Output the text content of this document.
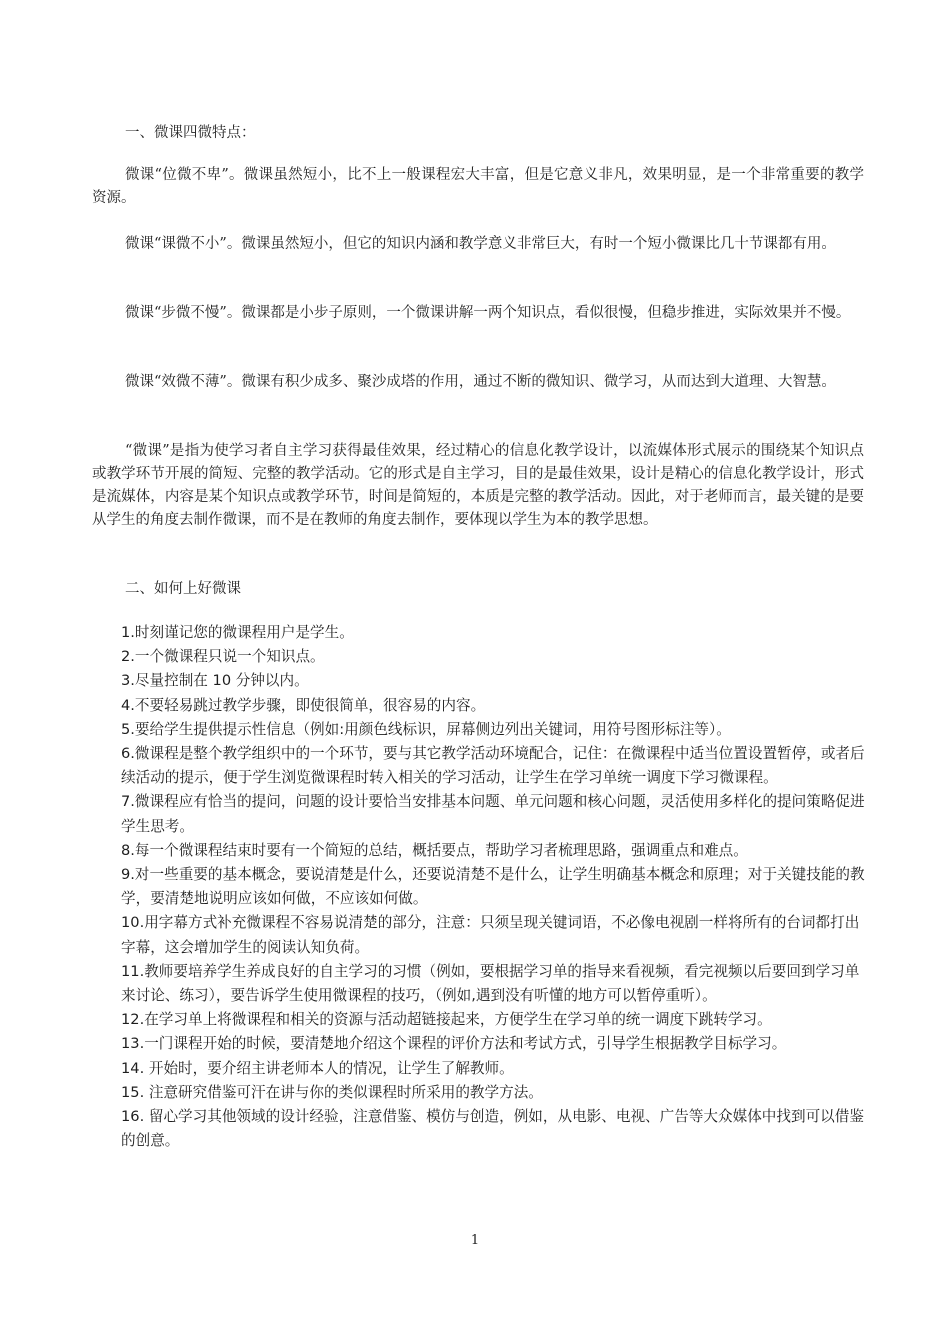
一、微课四微特点：

微课“位微不卑”。微课虽然短小，比不上一般课程宏大丰富，但是它意义非凡，效果明显，是一个非常重要的教学资源。

微课“课微不小”。微课虽然短小，但它的知识内涵和教学意义非常巨大，有时一个短小微课比几十节课都有用。

微课“步微不慢”。微课都是小步子原则，一个微课讲解一两个知识点，看似很慢，但稳步推进，实际效果并不慢。

微课“效微不薄”。微课有积少成多、聚沙成塔的作用，通过不断的微知识、微学习，从而达到大道理、大智慧。

“微课”是指为使学习者自主学习获得最佳效果，经过精心的信息化教学设计，以流媒体形式展示的围绕某个知识点或教学环节开展的简短、完整的教学活动。它的形式是自主学习，目的是最佳效果，设计是精心的信息化教学设计，形式是流媒体，内容是某个知识点或教学环节，时间是简短的，本质是完整的教学活动。因此，对于老师而言，最关键的是要从学生的角度去制作微课，而不是在教师的角度去制作，要体现以学生为本的教学思想。

二、如何上好微课

1.时刻谨记您的微课程用户是学生。

2.一个微课程只说一个知识点。

3.尽量控制在 10 分钟以内。

4.不要轻易跳过教学步骤，即使很简单，很容易的内容。

5.要给学生提供提示性信息（例如:用颜色线标识，屏幕侧边列出关键词，用符号图形标注等）。

6.微课程是整个教学组织中的一个环节，要与其它教学活动环境配合，记住：在微课程中适当位置设置暂停，或者后续活动的提示，便于学生浏览微课程时转入相关的学习活动，让学生在学习单统一调度下学习微课程。

7.微课程应有恰当的提问，问题的设计要恰当安排基本问题、单元问题和核心问题，灵活使用多样化的提问策略促进学生思考。

8.每一个微课程结束时要有一个简短的总结，概括要点，帮助学习者梳理思路，强调重点和难点。

9.对一些重要的基本概念，要说清楚是什么，还要说清楚不是什么，让学生明确基本概念和原理；对于关键技能的教学，要清楚地说明应该如何做，不应该如何做。

10.用字幕方式补充微课程不容易说清楚的部分，注意：只须呈现关键词语，不必像电视剧一样将所有的台词都打出字幕，这会增加学生的阅读认知负荷。

11.教师要培养学生养成良好的自主学习的习惯（例如，要根据学习单的指导来看视频，看完视频以后要回到学习单来讨论、练习），要告诉学生使用微课程的技巧，（例如,遇到没有听懂的地方可以暂停重听）。

12.在学习单上将微课程和相关的资源与活动超链接起来，方便学生在学习单的统一调度下跳转学习。

13.一门课程开始的时候，要清楚地介绍这个课程的评价方法和考试方式，引导学生根据教学目标学习。

14. 开始时，要介绍主讲老师本人的情况，让学生了解教师。

15. 注意研究借鉴可汗在讲与你的类似课程时所采用的教学方法。

16. 留心学习其他领域的设计经验，注意借鉴、模仿与创造，例如，从电影、电视、广告等大众媒体中找到可以借鉴的创意。

1
